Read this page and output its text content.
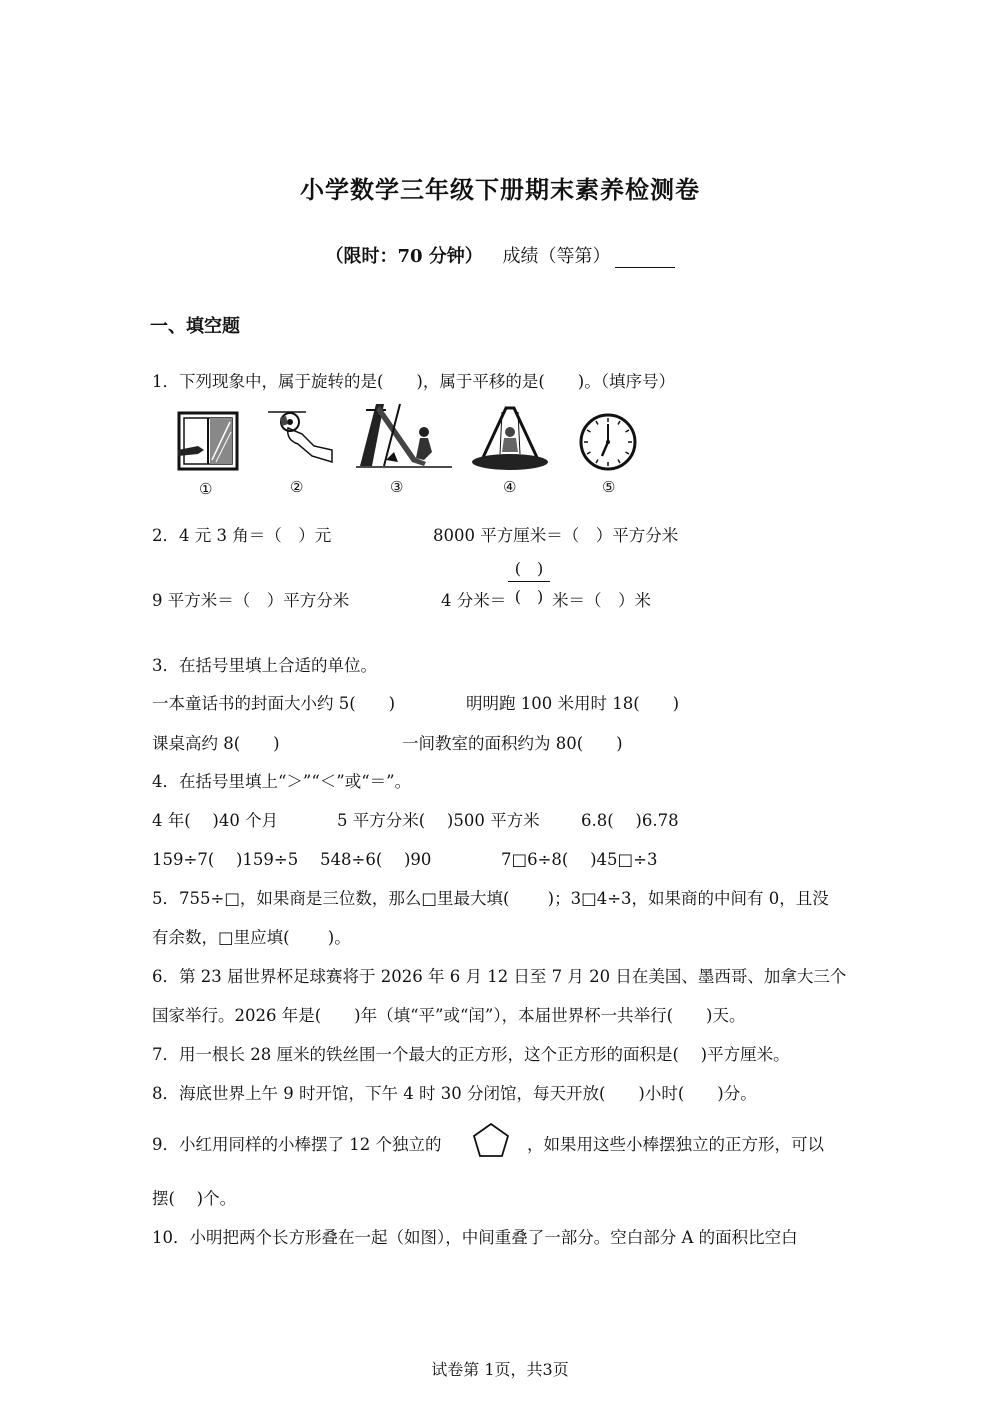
小学数学三年级下册期末素养检测卷
（限时：70 分钟） 成绩（等第）
一、填空题
1．下列现象中，属于旋转的是(　　)，属于平移的是(　　)。（填序号）
①	②	③	④	⑤
2．4 元 3 角＝（　）元	8000 平方厘米＝（　）平方分米
(　)
9 平方米＝（　）平方分米	4 分米＝ (　) 米＝（　）米
3．在括号里填上合适的单位。
一本童话书的封面大小约 5(　　)	明明跑 100 米用时 18(　　)
课桌高约 8(　　)	一间教室的面积约为 80(　　)
4．在括号里填上“＞”“＜”或“＝”。
4 年(　 )40 个月	5 平方分米(　 )500 平方米	6.8(　 )6.78
159÷7(　 )159÷5 548÷6(　 )90	7□6÷8(　 )45□÷3
5．755÷□，如果商是三位数，那么□里最大填(　　 )；3□4÷3，如果商的中间有 0，且没
有余数，□里应填(　　 )。
6．第 23 届世界杯足球赛将于 2026 年 6 月 12 日至 7 月 20 日在美国、墨西哥、加拿大三个
国家举行。2026 年是(　　)年（填“平”或“闰”），本届世界杯一共举行(　　)天。
7．用一根长 28 厘米的铁丝围一个最大的正方形，这个正方形的面积是(　 )平方厘米。
8．海底世界上午 9 时开馆，下午 4 时 30 分闭馆，每天开放(　　)小时(　　)分。
9．小红用同样的小棒摆了 12 个独立的	，如果用这些小棒摆独立的正方形，可以
摆(　 )个。
10．小明把两个长方形叠在一起（如图），中间重叠了一部分。空白部分 A 的面积比空白
试卷第 1页，共3页
